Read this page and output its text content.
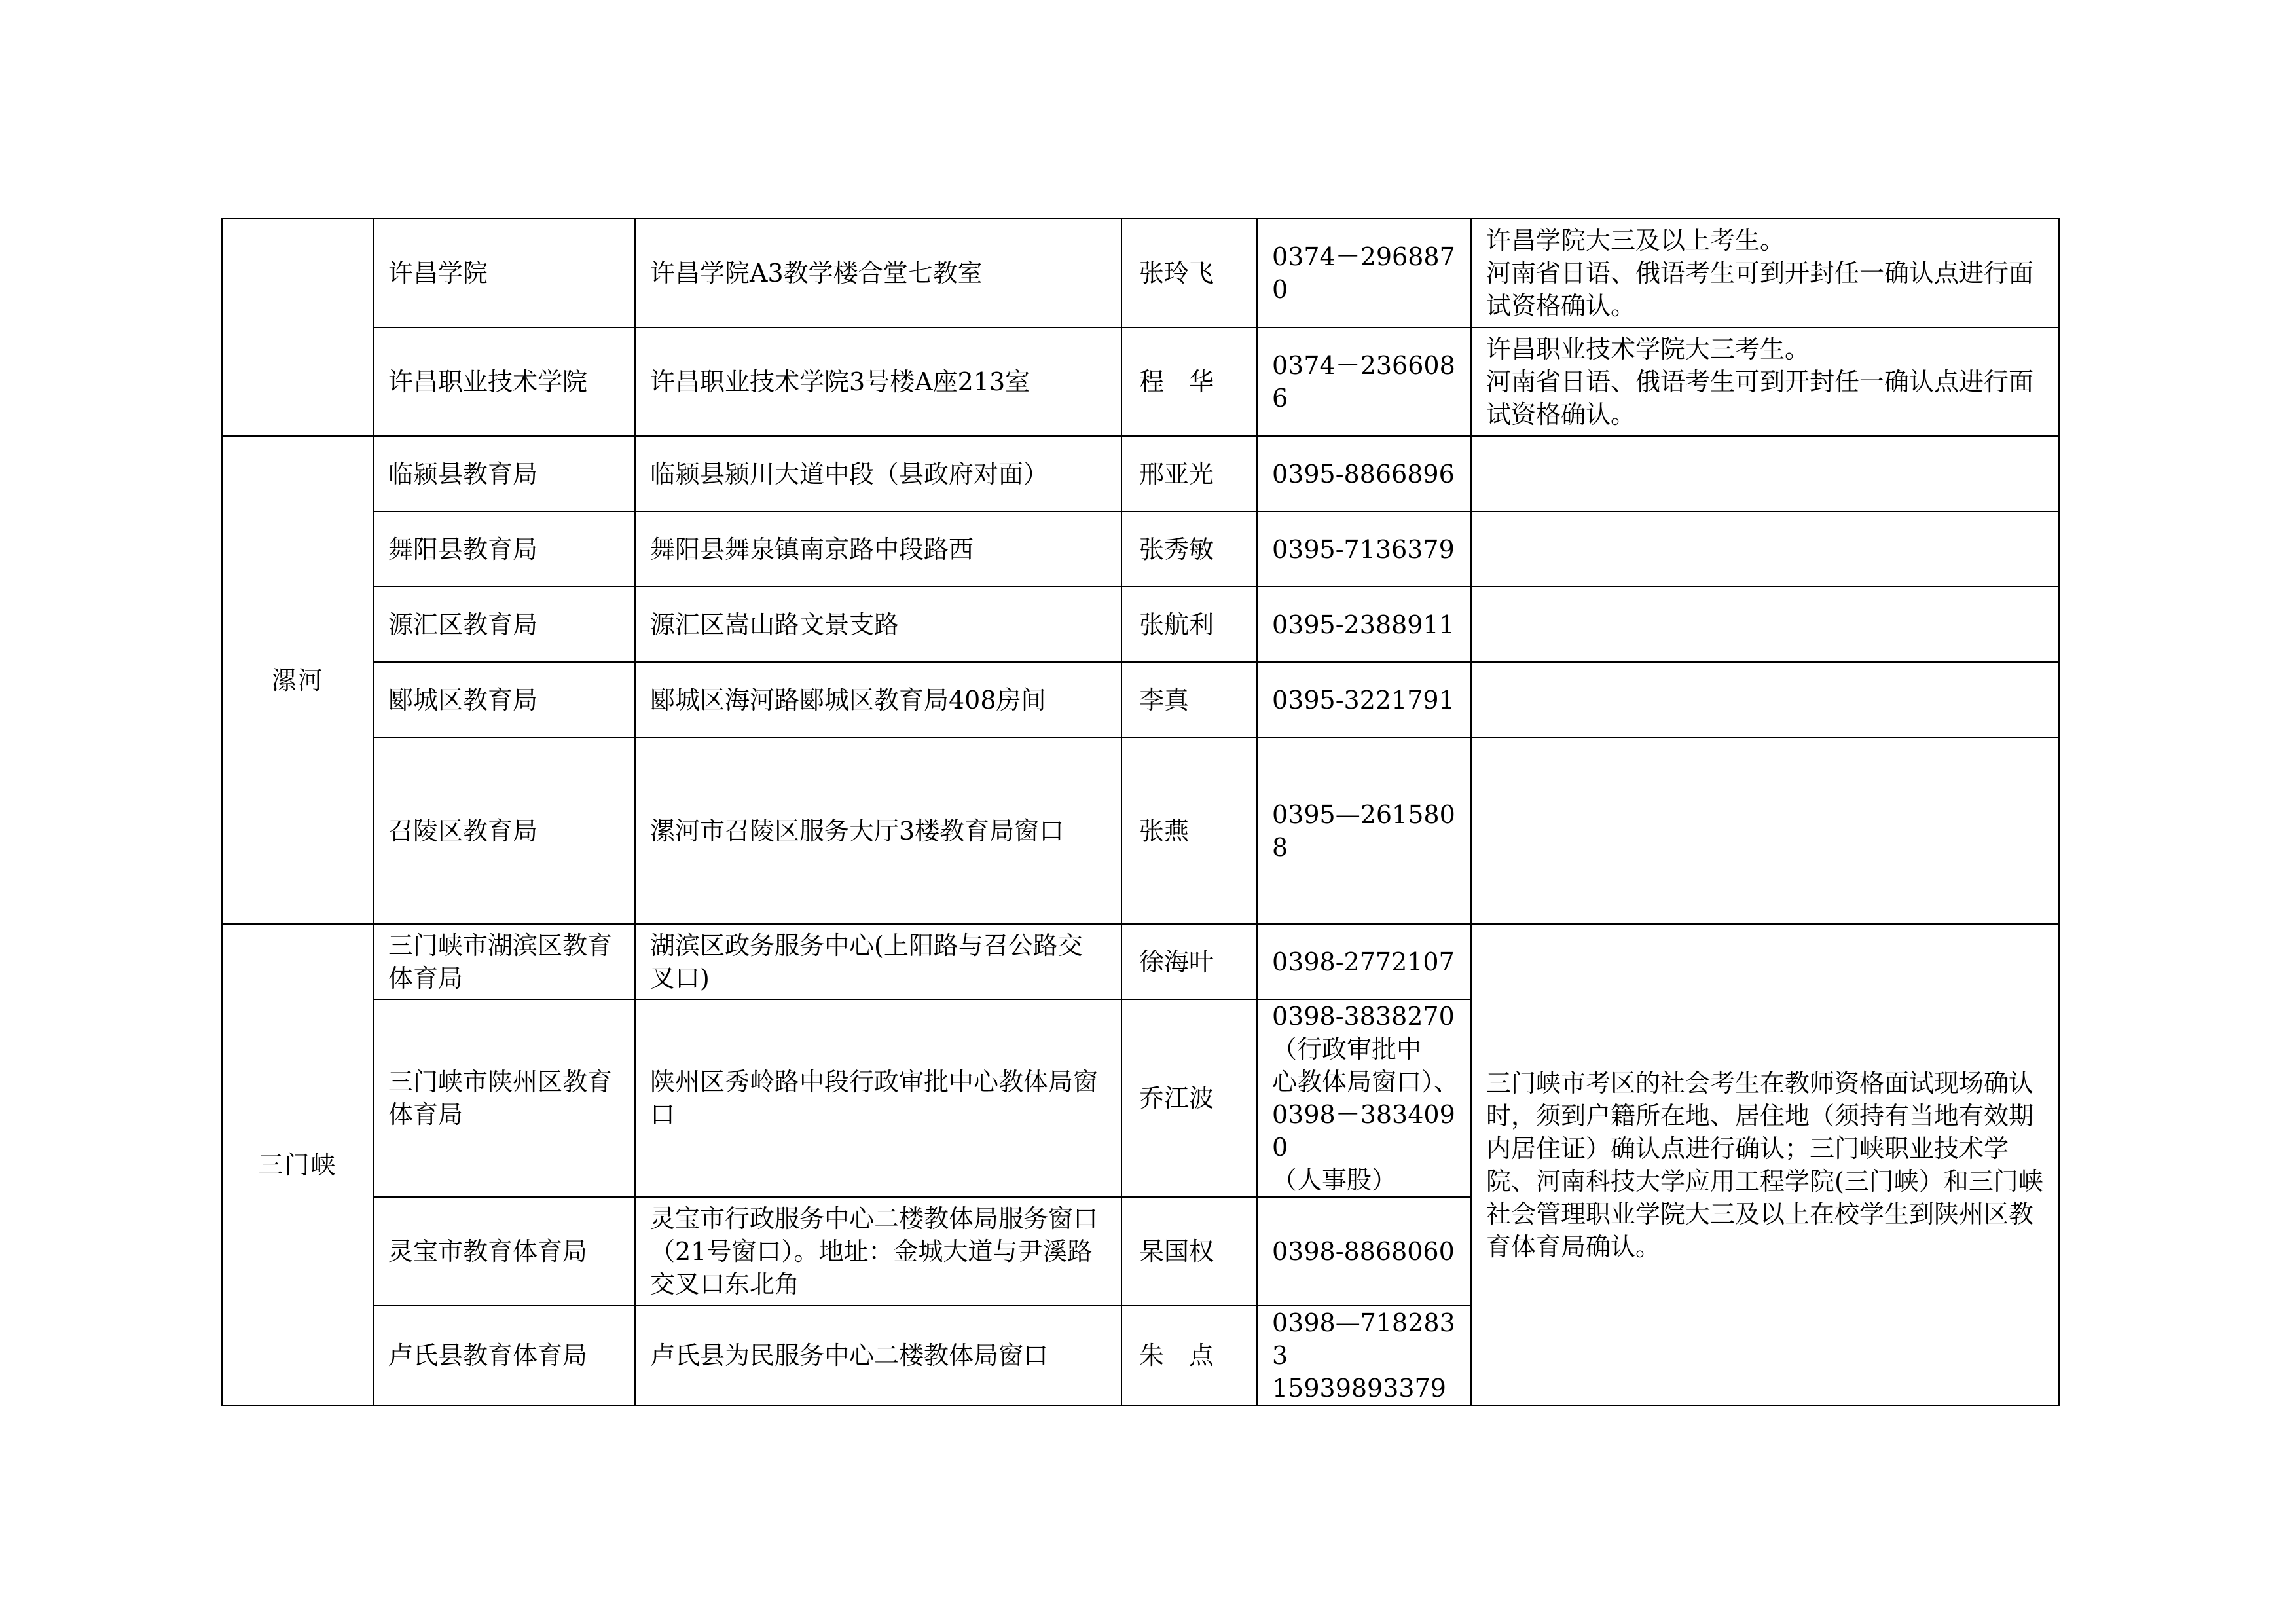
	许昌学院	许昌学院A3教学楼合堂七教室	张玲飞	0374－2968870	许昌学院大三及以上考生。
河南省日语、俄语考生可到开封任一确认点进行面试资格确认。

	许昌职业技术学院	许昌职业技术学院3号楼A座213室	程　华	0374－2366086	许昌职业技术学院大三考生。
河南省日语、俄语考生可到开封任一确认点进行面试资格确认。

漯河	临颍县教育局	临颍县颍川大道中段（县政府对面）	邢亚光	0395-8866896	

	舞阳县教育局	舞阳县舞泉镇南京路中段路西	张秀敏	0395-7136379	

	源汇区教育局	源汇区嵩山路文景支路	张航利	0395-2388911	

	郾城区教育局	郾城区海河路郾城区教育局408房间	李真	0395-3221791	

	召陵区教育局	漯河市召陵区服务大厅3楼教育局窗口	张燕	0395—2615808	

三门峡	三门峡市湖滨区教育体育局	湖滨区政务服务中心(上阳路与召公路交叉口)	徐海叶	0398-2772107	三门峡市考区的社会考生在教师资格面试现场确认时，须到户籍所在地、居住地（须持有当地有效期内居住证）确认点进行确认；三门峡职业技术学院、河南科技大学应用工程学院(三门峡）和三门峡社会管理职业学院大三及以上在校学生到陕州区教育体育局确认。

	三门峡市陕州区教育体育局	陕州区秀岭路中段行政审批中心教体局窗口	乔江波	0398-3838270
（行政审批中
心教体局窗口）、
0398－3834090
（人事股）	

	灵宝市教育体育局	灵宝市行政服务中心二楼教体局服务窗口（21号窗口）。地址：金城大道与尹溪路交叉口东北角	杲国权	0398-8868060	

	卢氏县教育体育局	卢氏县为民服务中心二楼教体局窗口	朱　点	0398—7182833
15939893379	
